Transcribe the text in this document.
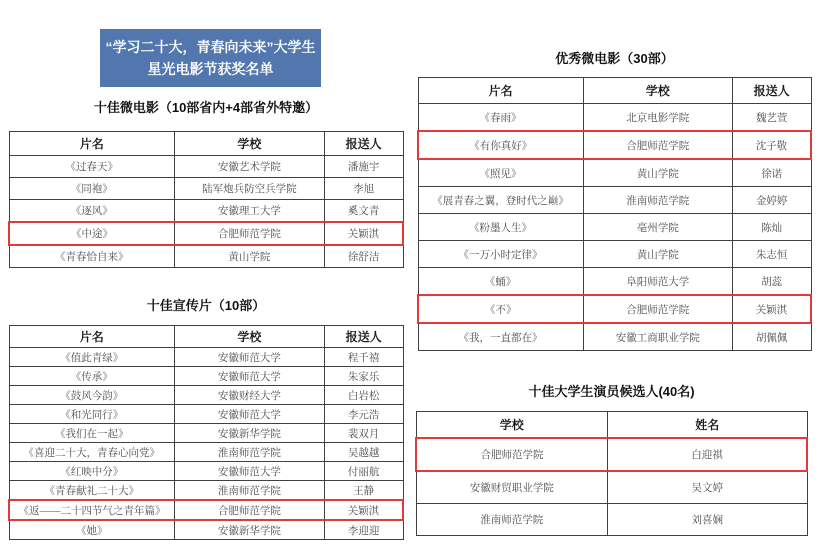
“学习二十大，青春向未来”大学生
星光电影节获奖名单
十佳微电影（10部省内+4部省外特邀）
片名	学校	报送人
《过春天》	安徽艺术学院	潘施宇
《同袍》	陆军炮兵防空兵学院	李旭
《逐风》	安徽理工大学	奚文青
《中途》	合肥师范学院	关颖淇
《青春恰自来》	黄山学院	徐舒洁
十佳宣传片（10部）
片名	学校	报送人
《值此青绿》	安徽师范大学	程千禧
《传承》	安徽师范大学	朱家乐
《鼓风今韵》	安徽财经大学	白岩松
《和光同行》	安徽师范大学	李元浩
《我们在一起》	安徽新华学院	裴双月
《喜迎二十大，青春心向党》	淮南师范学院	吴越越
《红映中分》	安徽师范大学	付丽航
《青春献礼二十大》	淮南师范学院	王静
《返——二十四节气之青年篇》	合肥师范学院	关颖淇
《她》	安徽新华学院	李迎迎
优秀微电影（30部）
片名	学校	报送人
《春雨》	北京电影学院	魏艺萱
《有你真好》	合肥师范学院	沈子敬
《照见》	黄山学院	徐诺
《展青春之翼，登时代之巅》	淮南师范学院	金婷婷
《粉墨人生》	亳州学院	陈灿
《一万小时定律》	黄山学院	朱志恒
《蛹》	阜阳师范大学	胡蕊
《不》	合肥师范学院	关颖淇
《我，一直都在》	安徽工商职业学院	胡佩佩
十佳大学生演员候选人(40名)
学校	姓名
合肥师范学院	白迎祺
安徽财贸职业学院	吴文婷
淮南师范学院	刘喜娴
